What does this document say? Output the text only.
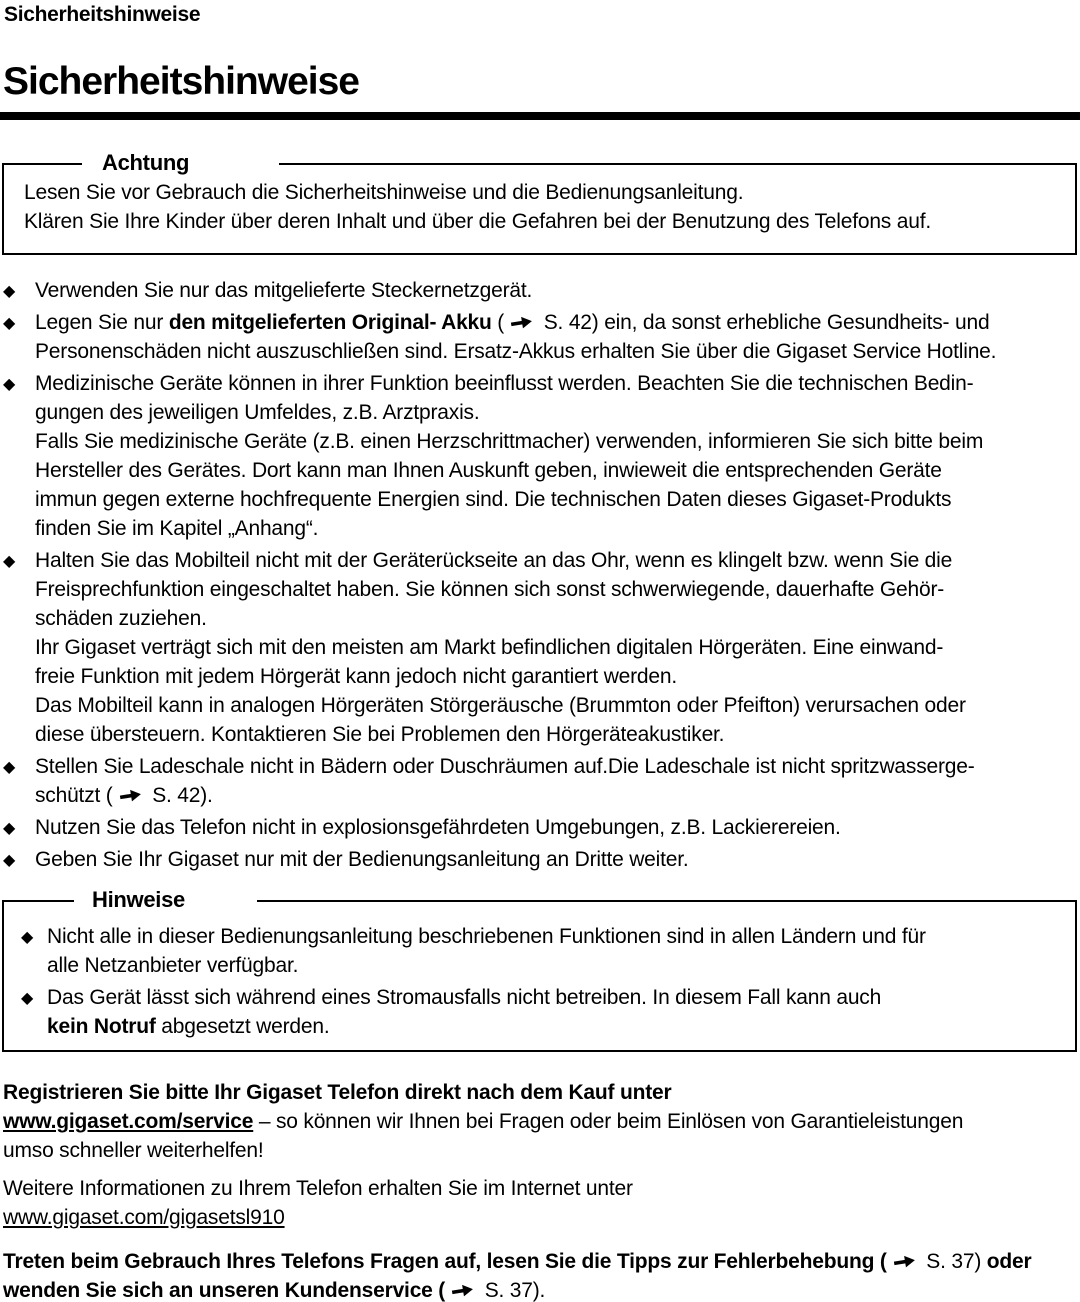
Sicherheitshinweise
Sicherheitshinweise
Achtung
Lesen Sie vor Gebrauch die Sicherheitshinweise und die Bedienungsanleitung.
Klären Sie Ihre Kinder über deren Inhalt und über die Gefahren bei der Benutzung des Telefons auf.
◆ Verwenden Sie nur das mitgelieferte Steckernetzgerät.
◆ Legen Sie nur den mitgelieferten Original- Akku (
S. 42) ein, da sonst erhebliche Gesundheits- und
Personenschäden nicht auszuschließen sind. Ersatz-Akkus erhalten Sie über die Gigaset Service Hotline.
◆ Medizinische Geräte können in ihrer Funktion beeinflusst werden. Beachten Sie die technischen Bedin-
gungen des jeweiligen Umfeldes, z.B. Arztpraxis.
Falls Sie medizinische Geräte (z.B. einen Herzschrittmacher) verwenden, informieren Sie sich bitte beim
Hersteller des Gerätes. Dort kann man Ihnen Auskunft geben, inwieweit die entsprechenden Geräte
immun gegen externe hochfrequente Energien sind. Die technischen Daten dieses Gigaset-Produkts
finden Sie im Kapitel „Anhang“.
◆ Halten Sie das Mobilteil nicht mit der Geräterückseite an das Ohr, wenn es klingelt bzw. wenn Sie die
Freisprechfunktion eingeschaltet haben. Sie können sich sonst schwerwiegende, dauerhafte Gehör-
schäden zuziehen.
Ihr Gigaset verträgt sich mit den meisten am Markt befindlichen digitalen Hörgeräten. Eine einwand-
freie Funktion mit jedem Hörgerät kann jedoch nicht garantiert werden.
Das Mobilteil kann in analogen Hörgeräten Störgeräusche (Brummton oder Pfeifton) verursachen oder
diese übersteuern. Kontaktieren Sie bei Problemen den Hörgeräteakustiker.
◆ Stellen Sie Ladeschale nicht in Bädern oder Duschräumen auf.Die Ladeschale ist nicht spritzwasserge-
schützt (
S. 42).
◆ Nutzen Sie das Telefon nicht in explosionsgefährdeten Umgebungen, z.B. Lackierereien.
◆ Geben Sie Ihr Gigaset nur mit der Bedienungsanleitung an Dritte weiter.
Hinweise
◆ Nicht alle in dieser Bedienungsanleitung beschriebenen Funktionen sind in allen Ländern und für
alle Netzanbieter verfügbar.
◆ Das Gerät lässt sich während eines Stromausfalls nicht betreiben. In diesem Fall kann auch
kein Notruf abgesetzt werden.
Registrieren Sie bitte Ihr Gigaset Telefon direkt nach dem Kauf unter
www.gigaset.com/service – so können wir Ihnen bei Fragen oder beim Einlösen von Garantieleistungen
umso schneller weiterhelfen!
Weitere Informationen zu Ihrem Telefon erhalten Sie im Internet unter
www.gigaset.com/gigasetsl910
Treten beim Gebrauch Ihres Telefons Fragen auf, lesen Sie die Tipps zur Fehlerbehebung (
S. 37) oder
wenden Sie sich an unseren Kundenservice (
S. 37).
